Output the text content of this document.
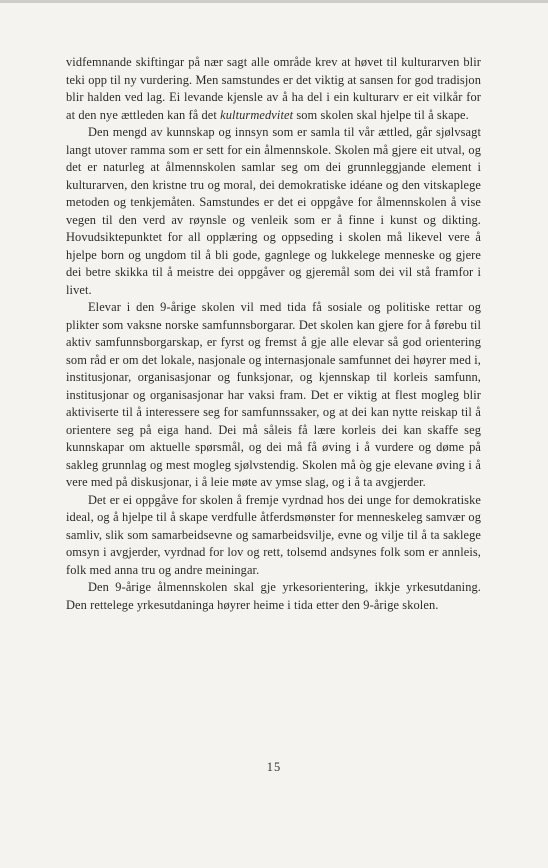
vidfemnande skiftingar på nær sagt alle område krev at høvet til kulturarven blir teki opp til ny vurdering. Men samstundes er det viktig at sansen for god tradisjon blir halden ved lag. Ei levande kjensle av å ha del i ein kulturarv er eit vilkår for at den nye ættleden kan få det kulturmedvitet som skolen skal hjelpe til å skape.

Den mengd av kunnskap og innsyn som er samla til vår ættled, går sjølvsagt langt utover ramma som er sett for ein ålmennskole. Skolen må gjere eit utval, og det er naturleg at ålmennskolen samlar seg om dei grunnleggjande element i kulturarven, den kristne tru og moral, dei demokratiske idéane og den vitskaplege metoden og tenkjemåten. Samstundes er det ei oppgåve for ålmennskolen å vise vegen til den verd av røynsle og venleik som er å finne i kunst og dikting. Hovudsiktepunktet for all opplæring og oppseding i skolen må likevel vere å hjelpe born og ungdom til å bli gode, gagnlege og lukkelege menneske og gjere dei betre skikka til å meistre dei oppgåver og gjeremål som dei vil stå framfor i livet.

Elevar i den 9-årige skolen vil med tida få sosiale og politiske rettar og plikter som vaksne norske samfunnsborgarar. Det skolen kan gjere for å førebu til aktiv samfunnsborgarskap, er fyrst og fremst å gje alle elevar så god orientering som råd er om det lokale, nasjonale og internasjonale samfunnet dei høyrer med i, institusjonar, organisasjonar og funksjonar, og kjennskap til korleis samfunn, institusjonar og organisasjonar har vaksi fram. Det er viktig at flest mogleg blir aktiviserte til å interessere seg for samfunnssaker, og at dei kan nytte reiskap til å orientere seg på eiga hand. Dei må såleis få lære korleis dei kan skaffe seg kunnskapar om aktuelle spørsmål, og dei må få øving i å vurdere og døme på sakleg grunnlag og mest mogleg sjølvstendig. Skolen må òg gje elevane øving i å vere med på diskusjonar, i å leie møte av ymse slag, og i å ta avgjerder.

Det er ei oppgåve for skolen å fremje vyrdnad hos dei unge for demokratiske ideal, og å hjelpe til å skape verdfulle åtferdsmønster for menneskeleg samvær og samliv, slik som samarbeidsevne og samarbeidsvilje, evne og vilje til å ta saklege omsyn i avgjerder, vyrdnad for lov og rett, tolsemd andsynes folk som er annleis, folk med anna tru og andre meiningar.

Den 9-årige ålmennskolen skal gje yrkesorientering, ikkje yrkesutdaning. Den rettelege yrkesutdaninga høyrer heime i tida etter den 9-årige skolen.

15
